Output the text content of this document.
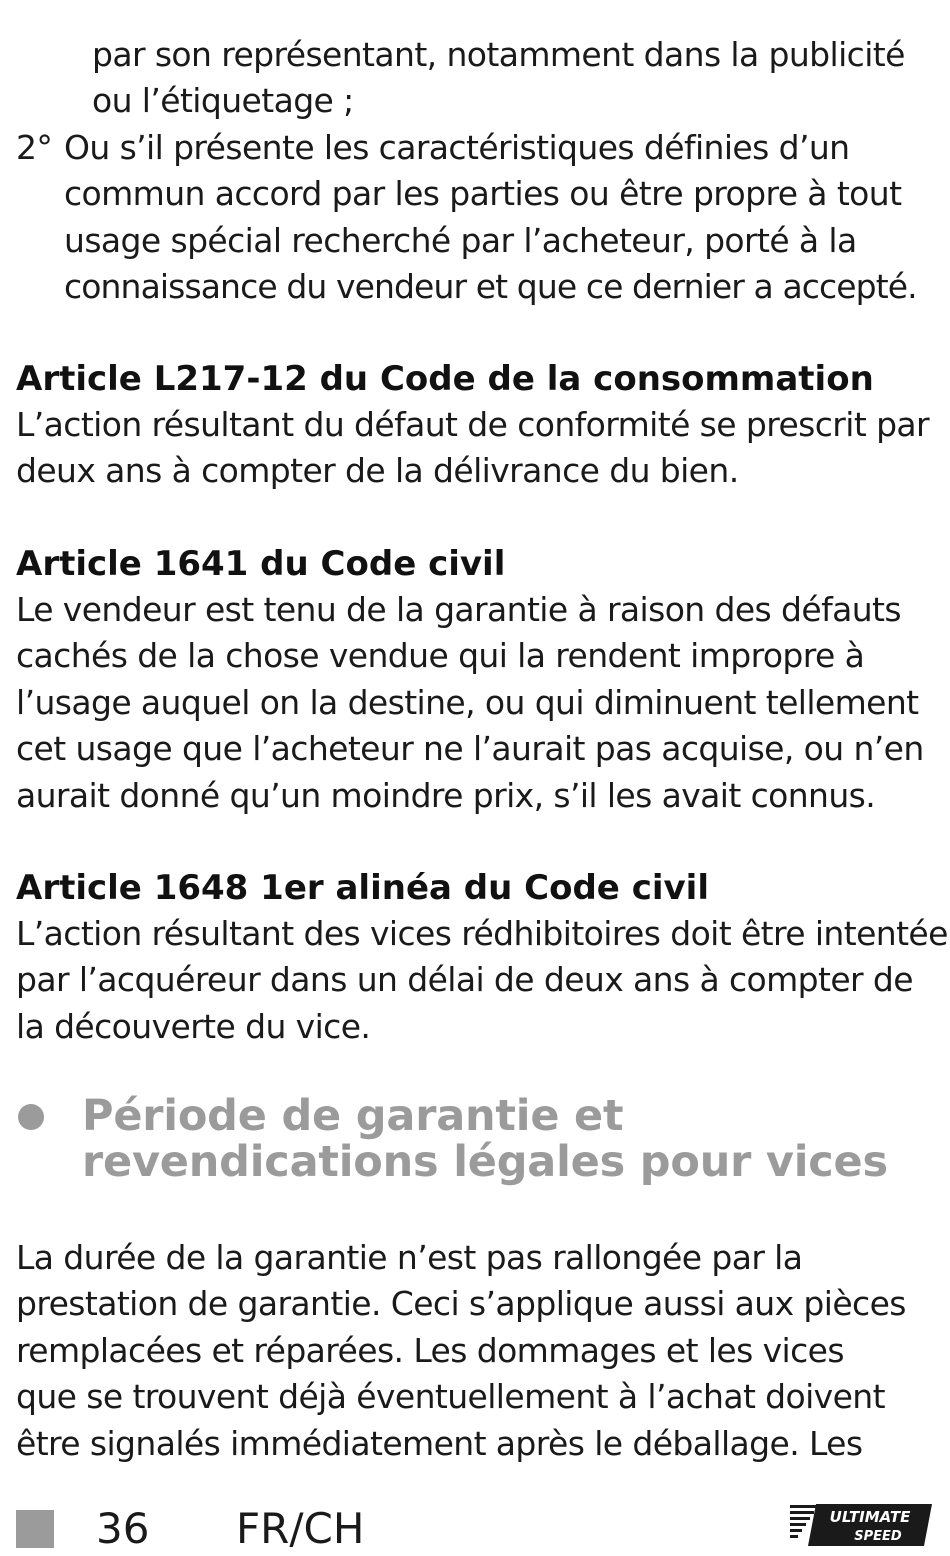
par son représentant, notamment dans la publicité
ou l’étiquetage ;
2° Ou s’il présente les caractéristiques définies d’un
commun accord par les parties ou être propre à tout
usage spécial recherché par l’acheteur, porté à la
connaissance du vendeur et que ce dernier a accepté.
Article L217-12 du Code de la consommation
L’action résultant du défaut de conformité se prescrit par
deux ans à compter de la délivrance du bien.
Article 1641 du Code civil
Le vendeur est tenu de la garantie à raison des défauts
cachés de la chose vendue qui la rendent impropre à
l’usage auquel on la destine, ou qui diminuent tellement
cet usage que l’acheteur ne l’aurait pas acquise, ou n’en
aurait donné qu’un moindre prix, s’il les avait connus.
Article 1648 1er alinéa du Code civil
L’action résultant des vices rédhibitoires doit être intentée
par l’acquéreur dans un délai de deux ans à compter de
la découverte du vice.
Période de garantie et
revendications légales pour vices
La durée de la garantie n’est pas rallongée par la
prestation de garantie. Ceci s’applique aussi aux pièces
remplacées et réparées. Les dommages et les vices
que se trouvent déjà éventuellement à l’achat doivent
être signalés immédiatement après le déballage. Les
36 FR/CH	ULTIMATE
SPEED
